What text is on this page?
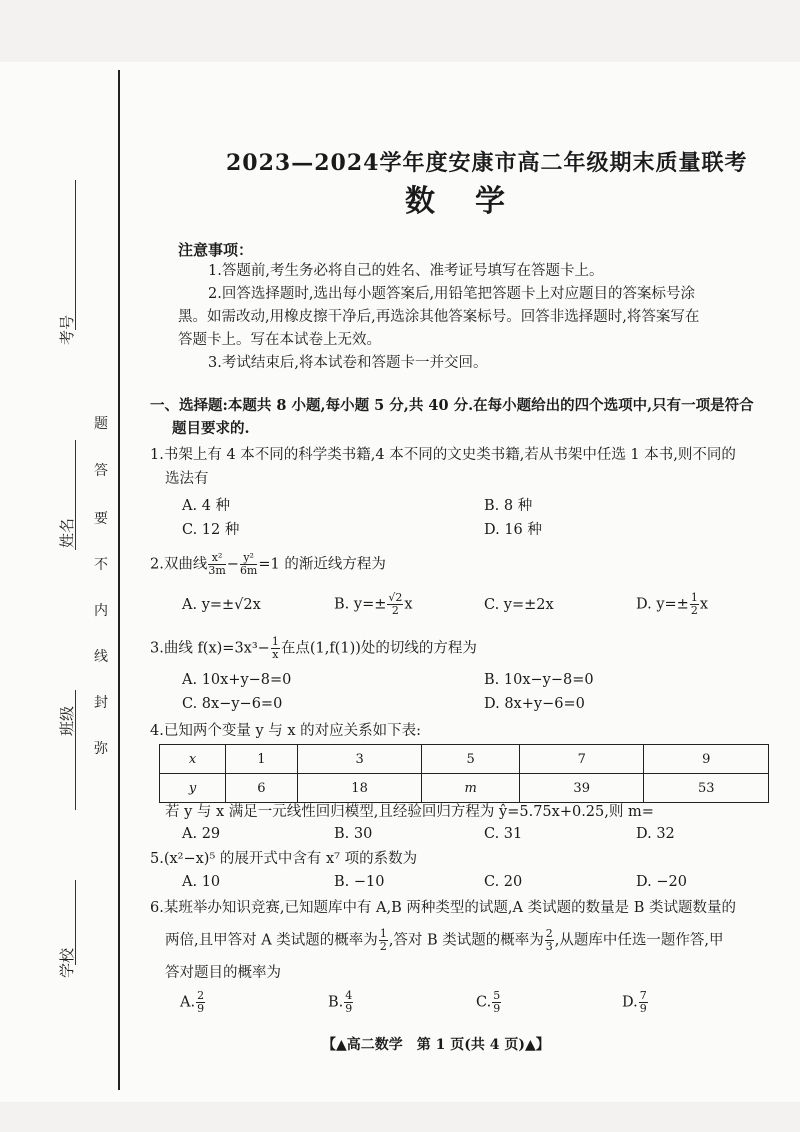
考号
姓名
班级
学校
弥
封
线
内
不
要
答
题
2023—2024学年度安康市高二年级期末质量联考
数学
注意事项：
1.答题前,考生务必将自己的姓名、准考证号填写在答题卡上。
2.回答选择题时,选出每小题答案后,用铅笔把答题卡上对应题目的答案标号涂
黑。如需改动,用橡皮擦干净后,再选涂其他答案标号。回答非选择题时,将答案写在
答题卡上。写在本试卷上无效。
3.考试结束后,将本试卷和答题卡一并交回。
一、选择题:本题共 8 小题,每小题 5 分,共 40 分.在每小题给出的四个选项中,只有一项是符合
题目要求的.
1.书架上有 4 本不同的科学类书籍,4 本不同的文史类书籍,若从书架中任选 1 本书,则不同的
选法有
A. 4 种	B. 8 种
C. 12 种	D. 16 种
2.双曲线 $\frac{\text{x²}}{3m} - \frac{\text{y²}}{6m} =1$ 的渐近线方程为
A. y=±√2x	B. $y=\pm \frac{√2}{2}$ x	C. y=±2x	D. $y=\pm \frac{1}{2}$ x
3.曲线 $f(x)=3x^3- \frac{1}{x}$ 在点(1,f(1))处的切线的方程为
A. 10x+y−8=0	B. 10x−y−8=0
C. 8x−y−6=0	D. 8x+y−6=0
4.已知两个变量 y 与 x 的对应关系如下表:
x	1	3	5	7	9
y	6	18	m	39	53
若 y 与 x 满足一元线性回归模型,且经验回归方程为 ŷ=5.75x+0.25,则 m=
A. 29	B. 30	C. 31	D. 32
5.(x²−x)⁵ 的展开式中含有 x⁷ 项的系数为
A. 10	B. −10	C. 20	D. −20
6.某班举办知识竞赛,已知题库中有 A,B 两种类型的试题,A 类试题的数量是 B 类试题数量的
两倍,且甲答对 A 类试题的概率为 $\frac{1}{2}$ ,答对 B 类试题的概率为 $\frac{2}{3}$ ,从题库中任选一题作答,甲
答对题目的概率为
A. $\frac{2}{9}$	B. $\frac{4}{9}$	C. $\frac{5}{9}$	D. $\frac{7}{9}$
【▲高二数学　第 1 页(共 4 页)▲】
